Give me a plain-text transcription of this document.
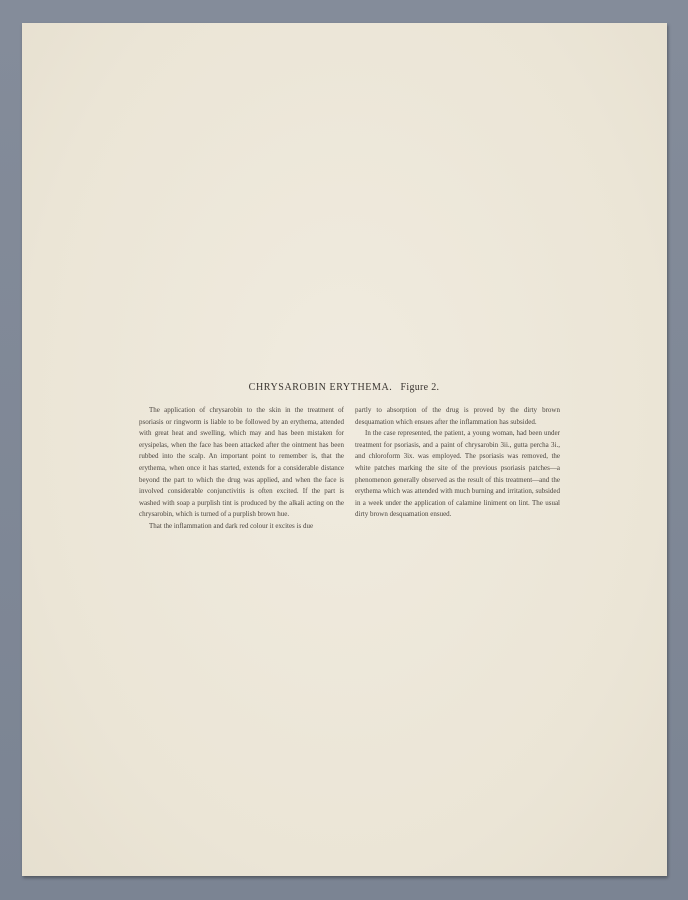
CHRYSAROBIN ERYTHEMA. Figure 2.

The application of chrysarobin to the skin in the treatment of psoriasis or ringworm is liable to be followed by an erythema, attended with great heat and swelling, which may and has been mistaken for erysipelas, when the face has been attacked after the ointment has been rubbed into the scalp. An important point to remember is, that the erythema, when once it has started, extends for a considerable distance beyond the part to which the drug was applied, and when the face is involved considerable conjunctivitis is often excited. If the part is washed with soap a purplish tint is produced by the alkali acting on the chrysarobin, which is turned of a purplish brown hue.

That the inflammation and dark red colour it excites is due

partly to absorption of the drug is proved by the dirty brown desquamation which ensues after the inflammation has subsided.

In the case represented, the patient, a young woman, had been under treatment for psoriasis, and a paint of chrysarobin 3ii., gutta percha 3i., and chloroform 3ix. was employed. The psoriasis was removed, the white patches marking the site of the previous psoriasis patches—a phenomenon generally observed as the result of this treatment—and the erythema which was attended with much burning and irritation, subsided in a week under the application of calamine liniment on lint. The usual dirty brown desquamation ensued.
